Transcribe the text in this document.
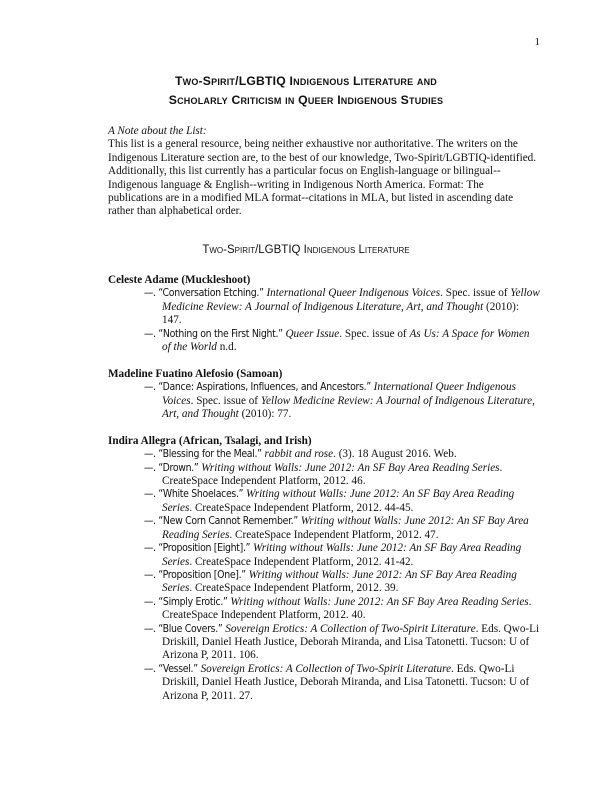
1
Two-Spirit/LGBTIQ Indigenous Literature and
Scholarly Criticism in Queer Indigenous Studies
A Note about the List:
This list is a general resource, being neither exhaustive nor authoritative. The writers on the Indigenous Literature section are, to the best of our knowledge, Two-Spirit/LGBTIQ-identified. Additionally, this list currently has a particular focus on English-language or bilingual--Indigenous language & English--writing in Indigenous North America. Format: The publications are in a modified MLA format--citations in MLA, but listed in ascending date rather than alphabetical order.
Two-Spirit/LGBTIQ Indigenous Literature
Celeste Adame (Muckleshoot)
—. “Conversation Etching.” International Queer Indigenous Voices. Spec. issue of Yellow Medicine Review: A Journal of Indigenous Literature, Art, and Thought (2010): 147.
—. “Nothing on the First Night.” Queer Issue. Spec. issue of As Us: A Space for Women of the World n.d.
Madeline Fuatino Alefosio (Samoan)
—. “Dance: Aspirations, Influences, and Ancestors.” International Queer Indigenous Voices. Spec. issue of Yellow Medicine Review: A Journal of Indigenous Literature, Art, and Thought (2010): 77.
Indira Allegra (African, Tsalagi, and Irish)
—. “Blessing for the Meal.” rabbit and rose. (3). 18 August 2016. Web.
—. “Drown.” Writing without Walls: June 2012: An SF Bay Area Reading Series. CreateSpace Independent Platform, 2012. 46.
—. “White Shoelaces.” Writing without Walls: June 2012: An SF Bay Area Reading Series. CreateSpace Independent Platform, 2012. 44-45.
—. “New Corn Cannot Remember.” Writing without Walls: June 2012: An SF Bay Area Reading Series. CreateSpace Independent Platform, 2012. 47.
—. “Proposition [Eight].” Writing without Walls: June 2012: An SF Bay Area Reading Series. CreateSpace Independent Platform, 2012. 41-42.
—. “Proposition [One].” Writing without Walls: June 2012: An SF Bay Area Reading Series. CreateSpace Independent Platform, 2012. 39.
—. “Simply Erotic.” Writing without Walls: June 2012: An SF Bay Area Reading Series. CreateSpace Independent Platform, 2012. 40.
—. “Blue Covers.” Sovereign Erotics: A Collection of Two-Spirit Literature. Eds. Qwo-Li Driskill, Daniel Heath Justice, Deborah Miranda, and Lisa Tatonetti. Tucson: U of Arizona P, 2011. 106.
—. “Vessel.” Sovereign Erotics: A Collection of Two-Spirit Literature. Eds. Qwo-Li Driskill, Daniel Heath Justice, Deborah Miranda, and Lisa Tatonetti. Tucson: U of Arizona P, 2011. 27.
